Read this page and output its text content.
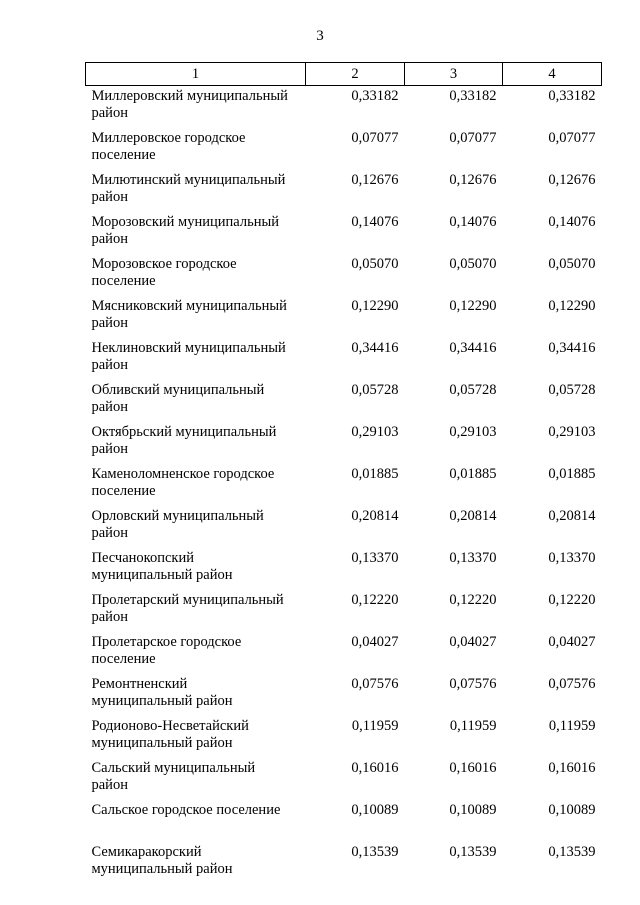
3
1	2	3	4

Миллеровский муниципальный
район	0,33182	0,33182	0,33182

Миллеровское городское
поселение	0,07077	0,07077	0,07077

Милютинский муниципальный
район	0,12676	0,12676	0,12676

Морозовский муниципальный
район	0,14076	0,14076	0,14076

Морозовское городское
поселение	0,05070	0,05070	0,05070

Мясниковский муниципальный
район	0,12290	0,12290	0,12290

Неклиновский муниципальный
район	0,34416	0,34416	0,34416

Обливский муниципальный
район	0,05728	0,05728	0,05728

Октябрьский муниципальный
район	0,29103	0,29103	0,29103

Каменоломненское городское
поселение	0,01885	0,01885	0,01885

Орловский муниципальный
район	0,20814	0,20814	0,20814

Песчанокопский
муниципальный район	0,13370	0,13370	0,13370

Пролетарский муниципальный
район	0,12220	0,12220	0,12220

Пролетарское городское
поселение	0,04027	0,04027	0,04027

Ремонтненский
муниципальный район	0,07576	0,07576	0,07576

Родионово-Несветайский
муниципальный район	0,11959	0,11959	0,11959

Сальский муниципальный
район	0,16016	0,16016	0,16016

Сальское городское поселение	0,10089	0,10089	0,10089

Семикаракорский
муниципальный район	0,13539	0,13539	0,13539
